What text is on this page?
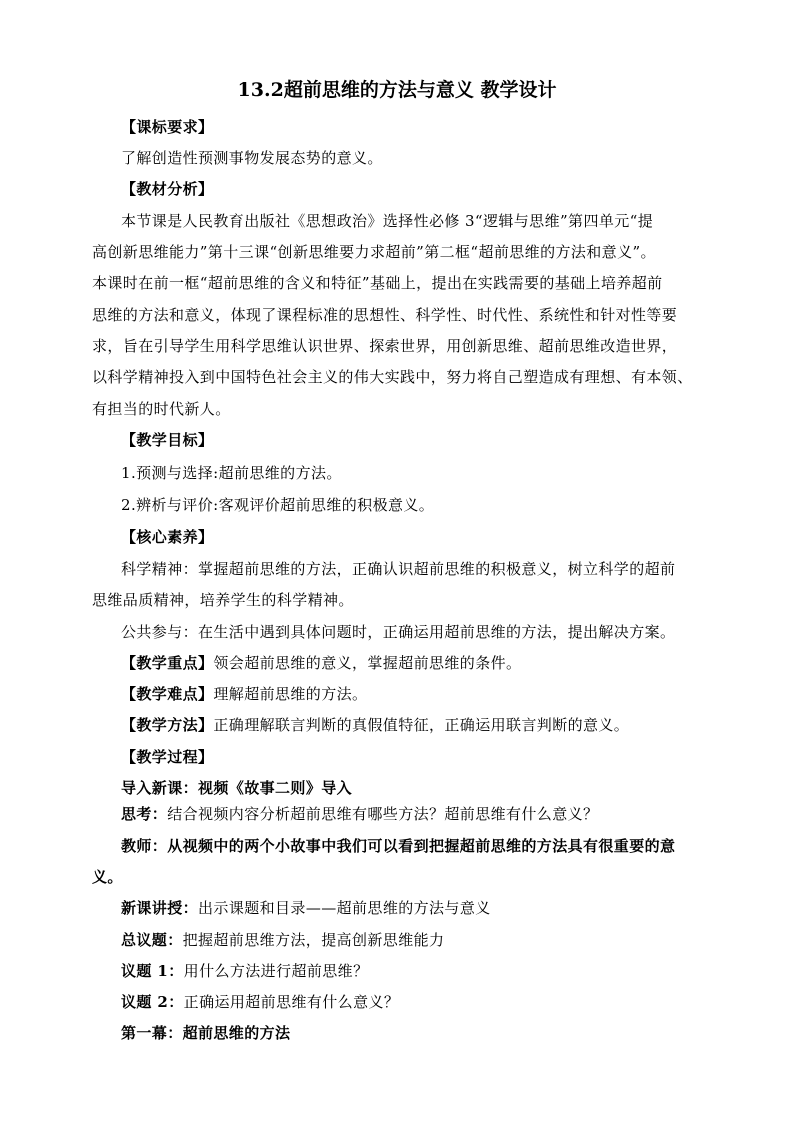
13.2超前思维的方法与意义 教学设计
【课标要求】
了解创造性预测事物发展态势的意义。
【教材分析】
本节课是人民教育出版社《思想政治》选择性必修 3“逻辑与思维”第四单元“提
高创新思维能力”第十三课“创新思维要力求超前”第二框“超前思维的方法和意义”。
本课时在前一框“超前思维的含义和特征”基础上，提出在实践需要的基础上培养超前
思维的方法和意义，体现了课程标准的思想性、科学性、时代性、系统性和针对性等要
求，旨在引导学生用科学思维认识世界、探索世界，用创新思维、超前思维改造世界，
以科学精神投入到中国特色社会主义的伟大实践中，努力将自己塑造成有理想、有本领、
有担当的时代新人。
【教学目标】
1.预测与选择:超前思维的方法。
2.辨析与评价:客观评价超前思维的积极意义。
【核心素养】
科学精神：掌握超前思维的方法，正确认识超前思维的积极意义，树立科学的超前
思维品质精神，培养学生的科学精神。
公共参与：在生活中遇到具体问题时，正确运用超前思维的方法，提出解决方案。
【教学重点】领会超前思维的意义，掌握超前思维的条件。
【教学难点】理解超前思维的方法。
【教学方法】正确理解联言判断的真假值特征，正确运用联言判断的意义。
【教学过程】
导入新课：视频《故事二则》导入
思考：结合视频内容分析超前思维有哪些方法？超前思维有什么意义？
教师：从视频中的两个小故事中我们可以看到把握超前思维的方法具有很重要的意
义。
新课讲授：出示课题和目录——超前思维的方法与意义
总议题：把握超前思维方法，提高创新思维能力
议题 1：用什么方法进行超前思维？
议题 2：正确运用超前思维有什么意义？
第一幕：超前思维的方法
